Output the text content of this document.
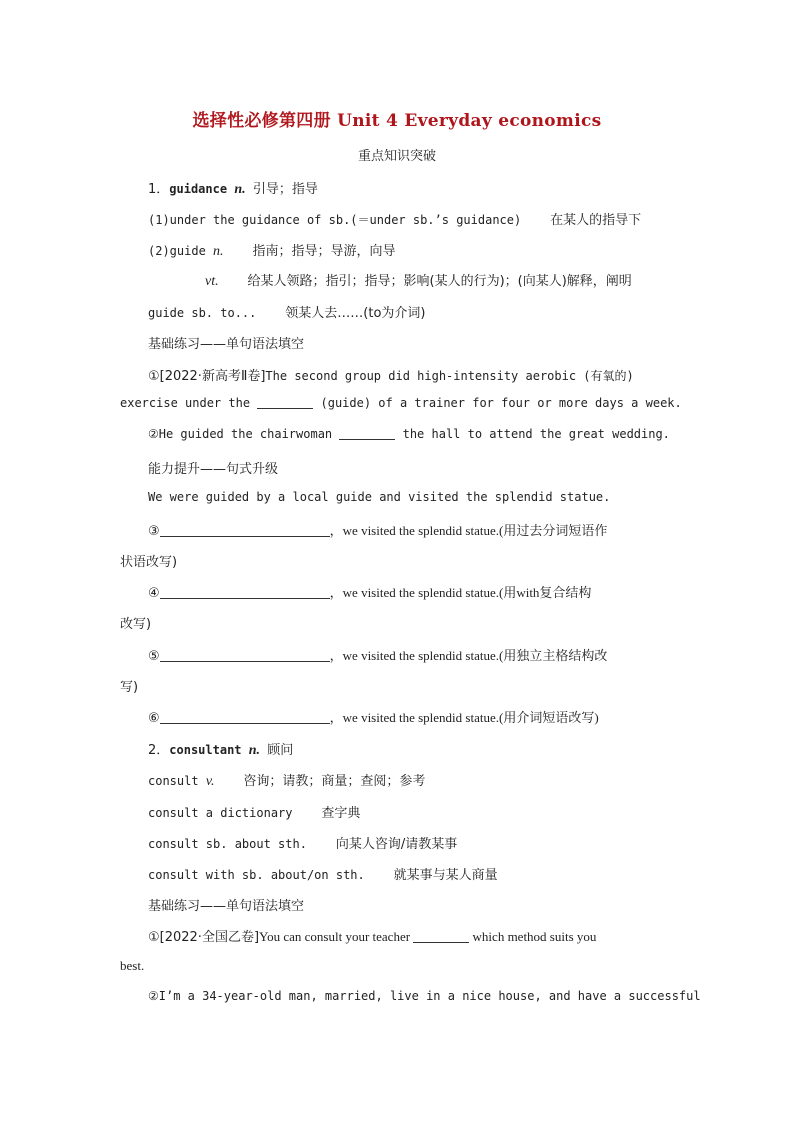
选择性必修第四册 Unit 4 Everyday economics
重点知识突破
1．guidance n. 引导；指导
(1)under the guidance of sb.(＝under sb.’s guidance) 在某人的指导下
(2)guide n. 指南；指导；导游，向导
vt. 给某人领路；指引；指导；影响(某人的行为)；(向某人)解释，阐明
guide sb. to... 领某人去……(to为介词)
基础练习——单句语法填空
①[2022·新高考Ⅱ卷]The second group did high-intensity aerobic (有氧的)
exercise under the	(guide) of a trainer for four or more days a week.
②He guided the chairwoman	the hall to attend the great wedding.
能力提升——句式升级
We were guided by a local guide and visited the splendid statue.
③	，we visited the splendid statue.(用过去分词短语作
状语改写)
④	，we visited the splendid statue.(用with复合结构
改写)
⑤	，we visited the splendid statue.(用独立主格结构改
写)
⑥	，we visited the splendid statue.(用介词短语改写)
2．consultant n. 顾问
consult v. 咨询；请教；商量；查阅；参考
consult a dictionary 查字典
consult sb. about sth. 向某人咨询/请教某事
consult with sb. about/on sth. 就某事与某人商量
基础练习——单句语法填空
①[2022·全国乙卷]You can consult your teacher	which method suits you
best.
②I’m a 34-year-old man, married, live in a nice house, and have a successful
